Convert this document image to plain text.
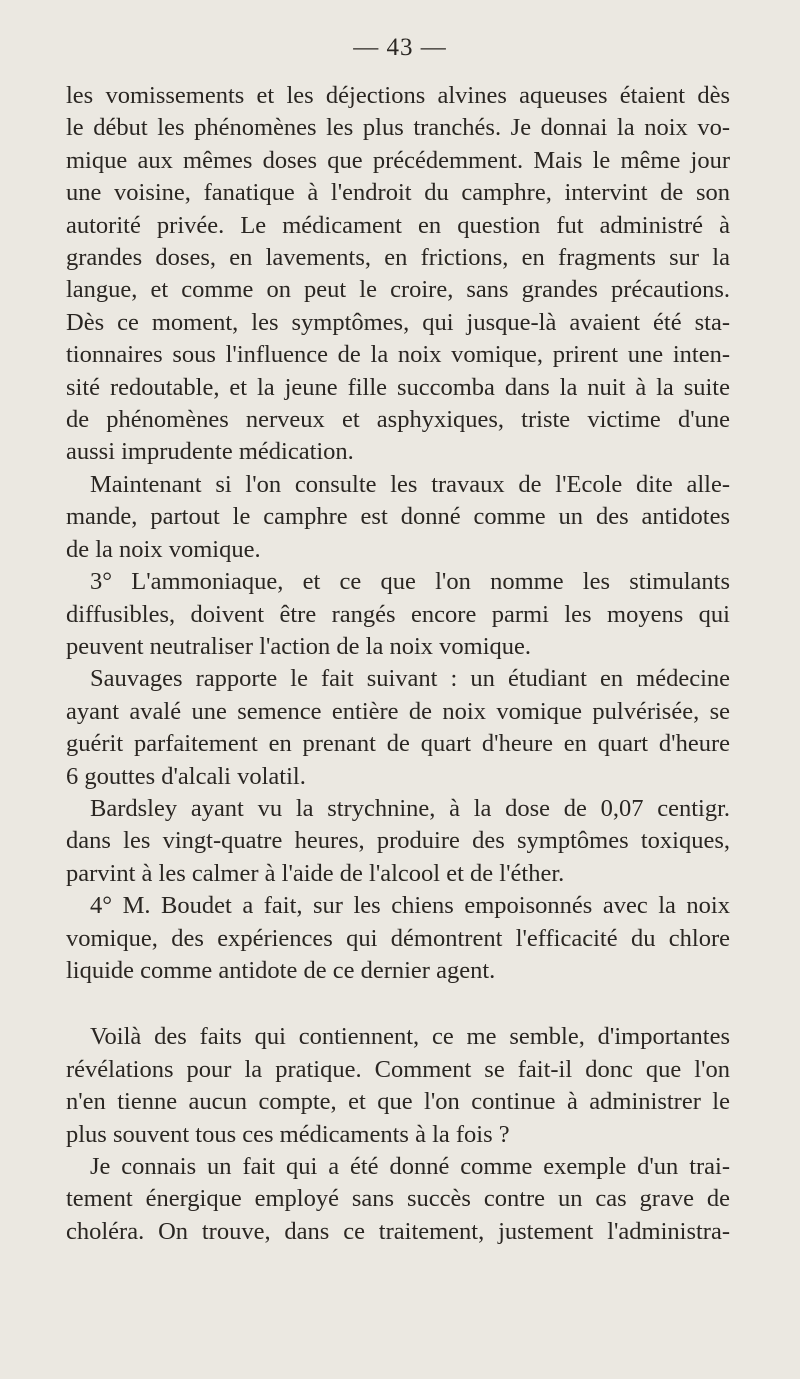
— 43 —
les vomissements et les déjections alvines aqueuses étaient dès
le début les phénomènes les plus tranchés. Je donnai la noix vo-
mique aux mêmes doses que précédemment. Mais le même jour
une voisine, fanatique à l'endroit du camphre, intervint de son
autorité privée. Le médicament en question fut administré à
grandes doses, en lavements, en frictions, en fragments sur la
langue, et comme on peut le croire, sans grandes précautions.
Dès ce moment, les symptômes, qui jusque-là avaient été sta-
tionnaires sous l'influence de la noix vomique, prirent une inten-
sité redoutable, et la jeune fille succomba dans la nuit à la suite
de phénomènes nerveux et asphyxiques, triste victime d'une
aussi imprudente médication.
Maintenant si l'on consulte les travaux de l'Ecole dite alle-
mande, partout le camphre est donné comme un des antidotes
de la noix vomique.
3° L'ammoniaque, et ce que l'on nomme les stimulants
diffusibles, doivent être rangés encore parmi les moyens qui
peuvent neutraliser l'action de la noix vomique.
Sauvages rapporte le fait suivant : un étudiant en médecine
ayant avalé une semence entière de noix vomique pulvérisée, se
guérit parfaitement en prenant de quart d'heure en quart d'heure
6 gouttes d'alcali volatil.
Bardsley ayant vu la strychnine, à la dose de 0,07 centigr.
dans les vingt-quatre heures, produire des symptômes toxiques,
parvint à les calmer à l'aide de l'alcool et de l'éther.
4° M. Boudet a fait, sur les chiens empoisonnés avec la noix
vomique, des expériences qui démontrent l'efficacité du chlore
liquide comme antidote de ce dernier agent.
Voilà des faits qui contiennent, ce me semble, d'importantes
révélations pour la pratique. Comment se fait-il donc que l'on
n'en tienne aucun compte, et que l'on continue à administrer le
plus souvent tous ces médicaments à la fois ?
Je connais un fait qui a été donné comme exemple d'un trai-
tement énergique employé sans succès contre un cas grave de
choléra. On trouve, dans ce traitement, justement l'administra-
